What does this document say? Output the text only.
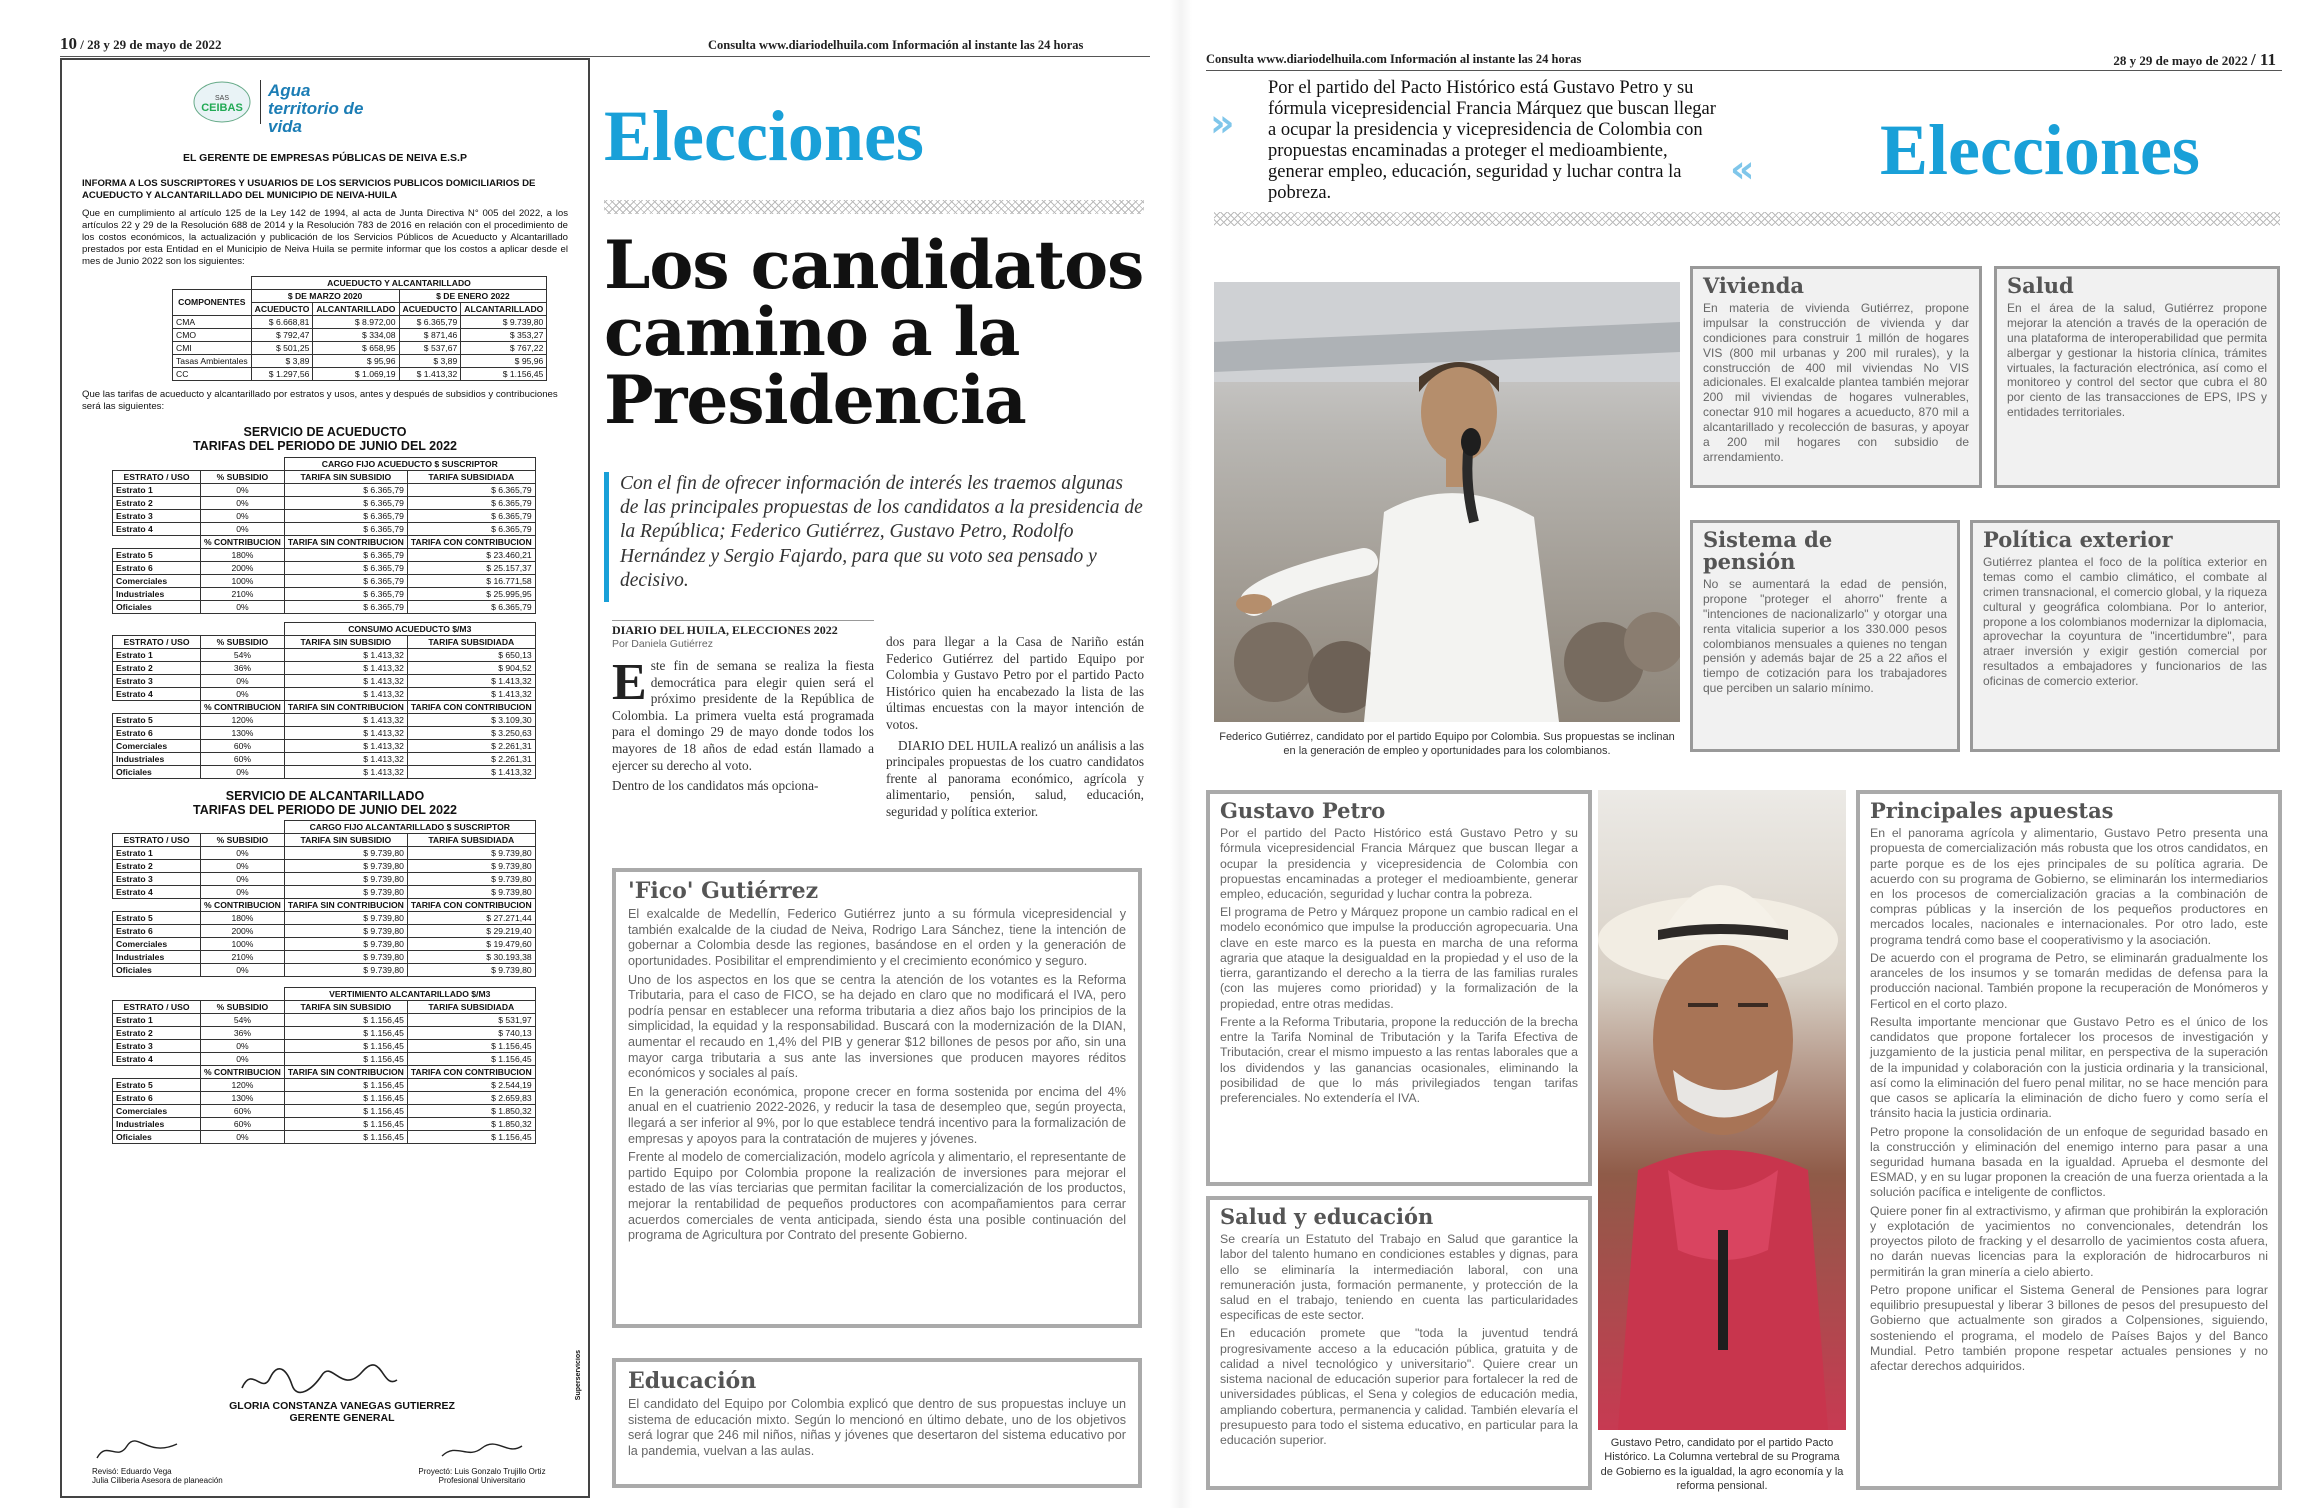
10 / 28 y 29 de mayo de 2022	Consulta www.diariodelhuila.com Información al instante las 24 horas
SAS
CEIBAS
Agua territorio de vida
EL GERENTE DE EMPRESAS PÚBLICAS DE NEIVA E.S.P
INFORMA A LOS SUSCRIPTORES Y USUARIOS DE LOS SERVICIOS PUBLICOS DOMICILIARIOS DE ACUEDUCTO Y ALCANTARILLADO DEL MUNICIPIO DE NEIVA-HUILA
Que en cumplimiento al artículo 125 de la Ley 142 de 1994, al acta de Junta Directiva N° 005 del 2022, a los artículos 22 y 29 de la Resolución 688 de 2014 y la Resolución 783 de 2016 en relación con el procedimiento de los costos económicos, la actualización y publicación de los Servicios Públicos de Acueducto y Alcantarillado prestados por esta Entidad en el Municipio de Neiva Huila se permite informar que los costos a aplicar desde el mes de Junio 2022 son los siguientes:
	ACUEDUCTO Y ALCANTARILLADO			
COMPONENTES	$ DE MARZO 2020		$ DE ENERO 2022	
	ACUEDUCTO	ALCANTARILLADO	ACUEDUCTO	ALCANTARILLADO
CMA	$ 6.668,81	$ 8.972,00	$ 6.365,79	$ 9.739,80
CMO	$ 792,47	$ 334,08	$ 871,46	$ 353,27
CMI	$ 501,25	$ 658,95	$ 537,67	$ 767,22
Tasas Ambientales	$ 3,89	$ 95,96	$ 3,89	$ 95,96
CC	$ 1.297,56	$ 1.069,19	$ 1.413,32	$ 1.156,45
Que las tarifas de acueducto y alcantarillado por estratos y usos, antes y después de subsidios y contribuciones será las siguientes:
SERVICIO DE ACUEDUCTO
TARIFAS DEL PERIODO DE JUNIO DEL 2022
		CARGO FIJO ACUEDUCTO $ SUSCRIPTOR	
ESTRATO / USO	% SUBSIDIO	TARIFA SIN SUBSIDIO	TARIFA SUBSIDIADA
Estrato 1	0%	$ 6.365,79	$ 6.365,79
Estrato 2	0%	$ 6.365,79	$ 6.365,79
Estrato 3	0%	$ 6.365,79	$ 6.365,79
Estrato 4	0%	$ 6.365,79	$ 6.365,79
	% CONTRIBUCION	TARIFA SIN CONTRIBUCION	TARIFA CON CONTRIBUCION
Estrato 5	180%	$ 6.365,79	$ 23.460,21
Estrato 6	200%	$ 6.365,79	$ 25.157,37
Comerciales	100%	$ 6.365,79	$ 16.771,58
Industriales	210%	$ 6.365,79	$ 25.995,95
Oficiales	0%	$ 6.365,79	$ 6.365,79
		CONSUMO ACUEDUCTO $/M3	
ESTRATO / USO	% SUBSIDIO	TARIFA SIN SUBSIDIO	TARIFA SUBSIDIADA
Estrato 1	54%	$ 1.413,32	$ 650,13
Estrato 2	36%	$ 1.413,32	$ 904,52
Estrato 3	0%	$ 1.413,32	$ 1.413,32
Estrato 4	0%	$ 1.413,32	$ 1.413,32
	% CONTRIBUCION	TARIFA SIN CONTRIBUCION	TARIFA CON CONTRIBUCION
Estrato 5	120%	$ 1.413,32	$ 3.109,30
Estrato 6	130%	$ 1.413,32	$ 3.250,63
Comerciales	60%	$ 1.413,32	$ 2.261,31
Industriales	60%	$ 1.413,32	$ 2.261,31
Oficiales	0%	$ 1.413,32	$ 1.413,32
SERVICIO DE ALCANTARILLADO
TARIFAS DEL PERIODO DE JUNIO DEL 2022
		CARGO FIJO ALCANTARILLADO $ SUSCRIPTOR	
ESTRATO / USO	% SUBSIDIO	TARIFA SIN SUBSIDIO	TARIFA SUBSIDIADA
Estrato 1	0%	$ 9.739,80	$ 9.739,80
Estrato 2	0%	$ 9.739,80	$ 9.739,80
Estrato 3	0%	$ 9.739,80	$ 9.739,80
Estrato 4	0%	$ 9.739,80	$ 9.739,80
	% CONTRIBUCION	TARIFA SIN CONTRIBUCION	TARIFA CON CONTRIBUCION
Estrato 5	180%	$ 9.739,80	$ 27.271,44
Estrato 6	200%	$ 9.739,80	$ 29.219,40
Comerciales	100%	$ 9.739,80	$ 19.479,60
Industriales	210%	$ 9.739,80	$ 30.193,38
Oficiales	0%	$ 9.739,80	$ 9.739,80
		VERTIMIENTO ALCANTARILLADO $/M3	
ESTRATO / USO	% SUBSIDIO	TARIFA SIN SUBSIDIO	TARIFA SUBSIDIADA
Estrato 1	54%	$ 1.156,45	$ 531,97
Estrato 2	36%	$ 1.156,45	$ 740,13
Estrato 3	0%	$ 1.156,45	$ 1.156,45
Estrato 4	0%	$ 1.156,45	$ 1.156,45
	% CONTRIBUCION	TARIFA SIN CONTRIBUCION	TARIFA CON CONTRIBUCION
Estrato 5	120%	$ 1.156,45	$ 2.544,19
Estrato 6	130%	$ 1.156,45	$ 2.659,83
Comerciales	60%	$ 1.156,45	$ 1.850,32
Industriales	60%	$ 1.156,45	$ 1.850,32
Oficiales	0%	$ 1.156,45	$ 1.156,45
GLORIA CONSTANZA VANEGAS GUTIERREZ
GERENTE GENERAL
Revisó: Eduardo Vega
Julia Ciliberia Asesora de planeación
Proyectó: Luis Gonzalo Trujillo Ortiz
Profesional Universitario
Superservicios
Elecciones
Los candidatos camino a la Presidencia
Con el fin de ofrecer información de interés les traemos algunas de las principales propuestas de los candidatos a la presidencia de la República; Federico Gutiérrez, Gustavo Petro, Rodolfo Hernández y Sergio Fajardo, para que su voto sea pensado y decisivo.
DIARIO DEL HUILA, ELECCIONES 2022
Por Daniela Gutiérrez

Este fin de semana se realiza la fiesta democrática para elegir quien será el próximo presidente de la República de Colombia. La primera vuelta está programada para el domingo 29 de mayo donde todos los mayores de 18 años de edad están llamado a ejercer su derecho al voto.

Dentro de los candidatos más opciona-

dos para llegar a la Casa de Nariño están Federico Gutiérrez del partido Equipo por Colombia y Gustavo Petro por el partido Pacto Histórico quien ha encabezado la lista de las últimas encuestas con la mayor intención de votos.

DIARIO DEL HUILA realizó un análisis a las principales propuestas de los cuatro candidatos frente al panorama económico, agrícola y alimentario, pensión, salud, educación, seguridad y política exterior.

'Fico' Gutiérrez

El exalcalde de Medellín, Federico Gutiérrez junto a su fórmula vicepresidencial y también exalcalde de la ciudad de Neiva, Rodrigo Lara Sánchez, tiene la intención de gobernar a Colombia desde las regiones, basándose en el orden y la generación de oportunidades. Posibilitar el emprendimiento y el crecimiento económico y seguro.

Uno de los aspectos en los que se centra la atención de los votantes es la Reforma Tributaria, para el caso de FICO, se ha dejado en claro que no modificará el IVA, pero podría pensar en establecer una reforma tributaria a diez años bajo los principios de la simplicidad, la equidad y la responsabilidad. Buscará con la modernización de la DIAN, aumentar el recaudo en 1,4% del PIB y generar $12 billones de pesos por año, sin una mayor carga tributaria a sus ante las inversiones que producen mayores réditos económicos y sociales al país.

En la generación económica, propone crecer en forma sostenida por encima del 4% anual en el cuatrienio 2022-2026, y reducir la tasa de desempleo que, según proyecta, llegará a ser inferior al 9%, por lo que establece tendrá incentivo para la formalización de empresas y apoyos para la contratación de mujeres y jóvenes.

Frente al modelo de comercialización, modelo agrícola y alimentario, el representante de partido Equipo por Colombia propone la realización de inversiones para mejorar el estado de las vías terciarias que permitan facilitar la comercialización de los productos, mejorar la rentabilidad de pequeños productores con acompañamientos para cerrar acuerdos comerciales de venta anticipada, siendo ésta una posible continuación del programa de Agricultura por Contrato del presente Gobierno.

Educación
El candidato del Equipo por Colombia explicó que dentro de sus propuestas incluye un sistema de educación mixto. Según lo mencionó en último debate, uno de los objetivos será lograr que 246 mil niños, niñas y jóvenes que desertaron del sistema educativo por la pandemia, vuelvan a las aulas.
Consulta www.diariodelhuila.com Información al instante las 24 horas	28 y 29 de mayo de 2022 / 11
»
Por el partido del Pacto Histórico está Gustavo Petro y su fórmula vicepresidencial Francia Márquez que buscan llegar a ocupar la presidencia y vicepresidencia de Colombia con propuestas encaminadas a proteger el medioambiente, generar empleo, educación, seguridad y luchar contra la pobreza.
« Elecciones
Federico Gutiérrez, candidato por el partido Equipo por Colombia. Sus propuestas se inclinan en la generación de empleo y oportunidades para los colombianos.
Vivienda
En materia de vivienda Gutiérrez, propone impulsar la construcción de vivienda y dar condiciones para construir 1 millón de hogares VIS (800 mil urbanas y 200 mil rurales), y la construcción de 400 mil viviendas No VIS adicionales. El exalcalde plantea también mejorar 200 mil viviendas de hogares vulnerables, conectar 910 mil hogares a acueducto, 870 mil a alcantarillado y recolección de basuras, y apoyar a 200 mil hogares con subsidio de arrendamiento.
Salud
En el área de la salud, Gutiérrez propone mejorar la atención a través de la operación de una plataforma de interoperabilidad que permita albergar y gestionar la historia clínica, trámites virtuales, la facturación electrónica, así como el monitoreo y control del sector que cubra el 80 por ciento de las transacciones de EPS, IPS y entidades territoriales.
Sistema de pensión
No se aumentará la edad de pensión, propone "proteger el ahorro" frente a "intenciones de nacionalizarlo" y otorgar una renta vitalicia superior a los 330.000 pesos colombianos mensuales a quienes no tengan pensión y además bajar de 25 a 22 años el tiempo de cotización para los trabajadores que perciben un salario mínimo.
Política exterior
Gutiérrez plantea el foco de la política exterior en temas como el cambio climático, el combate al crimen transnacional, el comercio global, y la riqueza cultural y geográfica colombiana. Por lo anterior, propone a los colombianos modernizar la diplomacia, aprovechar la coyuntura de "incertidumbre", para atraer inversión y exigir gestión comercial por resultados a embajadores y funcionarios de las oficinas de comercio exterior.
Gustavo Petro

Por el partido del Pacto Histórico está Gustavo Petro y su fórmula vicepresidencial Francia Márquez que buscan llegar a ocupar la presidencia y vicepresidencia de Colombia con propuestas encaminadas a proteger el medioambiente, generar empleo, educación, seguridad y luchar contra la pobreza.

El programa de Petro y Márquez propone un cambio radical en el modelo económico que impulse la producción agropecuaria. Una clave en este marco es la puesta en marcha de una reforma agraria que ataque la desigualdad en la propiedad y el uso de la tierra, garantizando el derecho a la tierra de las familias rurales (con las mujeres como prioridad) y la formalización de la propiedad, entre otras medidas.

Frente a la Reforma Tributaria, propone la reducción de la brecha entre la Tarifa Nominal de Tributación y la Tarifa Efectiva de Tributación, crear el mismo impuesto a las rentas laborales que a los dividendos y las ganancias ocasionales, eliminando la posibilidad de que lo más privilegiados tengan tarifas preferenciales. No extendería el IVA.

Salud y educación

Se crearía un Estatuto del Trabajo en Salud que garantice la labor del talento humano en condiciones estables y dignas, para ello se eliminaría la intermediación laboral, con una remuneración justa, formación permanente, y protección de la salud en el trabajo, teniendo en cuenta las particularidades especificas de este sector.

En educación promete que "toda la juventud tendrá progresivamente acceso a la educación pública, gratuita y de calidad a nivel tecnológico y universitario". Quiere crear un sistema nacional de educación superior para fortalecer la red de universidades públicas, el Sena y colegios de educación media, ampliando cobertura, permanencia y calidad. También elevaría el presupuesto para todo el sistema educativo, en particular para la educación superior.	Gustavo Petro, candidato por el partido Pacto Histórico. La Columna vertebral de su Programa de Gobierno es la igualdad, la agro economía y la reforma pensional.
Principales apuestas

En el panorama agrícola y alimentario, Gustavo Petro presenta una propuesta de comercialización más robusta que los otros candidatos, en parte porque es de los ejes principales de su política agraria. De acuerdo con su programa de Gobierno, se eliminarán los intermediarios en los procesos de comercialización gracias a la combinación de compras públicas y la inserción de los pequeños productores en mercados locales, nacionales e internacionales. Por otro lado, este programa tendrá como base el cooperativismo y la asociación.

De acuerdo con el programa de Petro, se eliminarán gradualmente los aranceles de los insumos y se tomarán medidas de defensa para la producción nacional. También propone la recuperación de Monómeros y Ferticol en el corto plazo.

Resulta importante mencionar que Gustavo Petro es el único de los candidatos que propone fortalecer los procesos de investigación y juzgamiento de la justicia penal militar, en perspectiva de la superación de la impunidad y colaboración con la justicia ordinaria y la transicional, así como la eliminación del fuero penal militar, no se hace mención para que casos se aplicaría la eliminación de dicho fuero y como sería el tránsito hacia la justicia ordinaria.

Petro propone la consolidación de un enfoque de seguridad basado en la construcción y eliminación del enemigo interno para pasar a una seguridad humana basada en la igualdad. Aprueba el desmonte del ESMAD, y en su lugar proponen la creación de una fuerza orientada a la solución pacífica e inteligente de conflictos.

Quiere poner fin al extractivismo, y afirman que prohibirán la exploración y explotación de yacimientos no convencionales, detendrán los proyectos piloto de fracking y el desarrollo de yacimientos costa afuera, no darán nuevas licencias para la exploración de hidrocarburos ni permitirán la gran minería a cielo abierto.

Petro propone unificar el Sistema General de Pensiones para lograr equilibrio presupuestal y liberar 3 billones de pesos del presupuesto del Gobierno que actualmente son girados a Colpensiones, siguiendo, sosteniendo el programa, el modelo de Países Bajos y del Banco Mundial. Petro también propone respetar actuales pensiones y no afectar derechos adquiridos.
